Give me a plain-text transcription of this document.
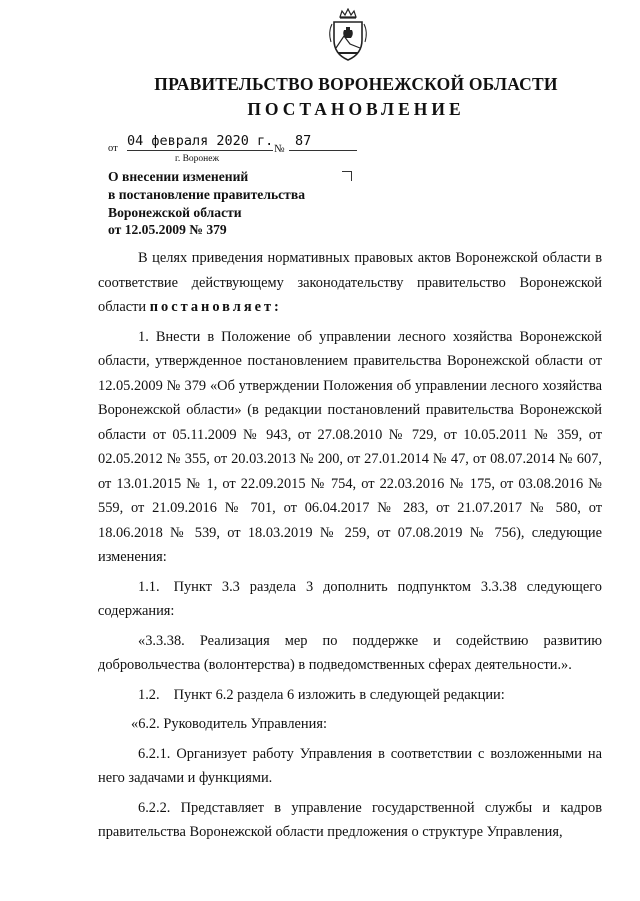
ПРАВИТЕЛЬСТВО ВОРОНЕЖСКОЙ ОБЛАСТИ
ПОСТАНОВЛЕНИЕ
от 04 февраля 2020 г. № 87
г. Воронеж
О внесении изменений
в постановление правительства
Воронежской области
от 12.05.2009 № 379

В целях приведения нормативных правовых актов Воронежской области в соответствие действующему законодательству правительство Воронежской области постановляет:

1. Внести в Положение об управлении лесного хозяйства Воронежской области, утвержденное постановлением правительства Воронежской области от 12.05.2009 № 379 «Об утверждении Положения об управлении лесного хозяйства Воронежской области» (в редакции постановлений правительства Воронежской области от 05.11.2009 № 943, от 27.08.2010 № 729, от 10.05.2011 № 359, от 02.05.2012 № 355, от 20.03.2013 № 200, от 27.01.2014 № 47, от 08.07.2014 № 607, от 13.01.2015 № 1, от 22.09.2015 № 754, от 22.03.2016 № 175, от 03.08.2016 № 559, от 21.09.2016 № 701, от 06.04.2017 № 283, от 21.07.2017 № 580, от 18.06.2018 № 539, от 18.03.2019 № 259, от 07.08.2019 № 756), следующие изменения:

1.1. Пункт 3.3 раздела 3 дополнить подпунктом 3.3.38 следующего содержания:

«3.3.38. Реализация мер по поддержке и содействию развитию добровольчества (волонтерства) в подведомственных сферах деятельности.».

1.2. Пункт 6.2 раздела 6 изложить в следующей редакции:

«6.2. Руководитель Управления:

6.2.1. Организует работу Управления в соответствии с возложенными на него задачами и функциями.

6.2.2. Представляет в управление государственной службы и кадров правительства Воронежской области предложения о структуре Управления,
